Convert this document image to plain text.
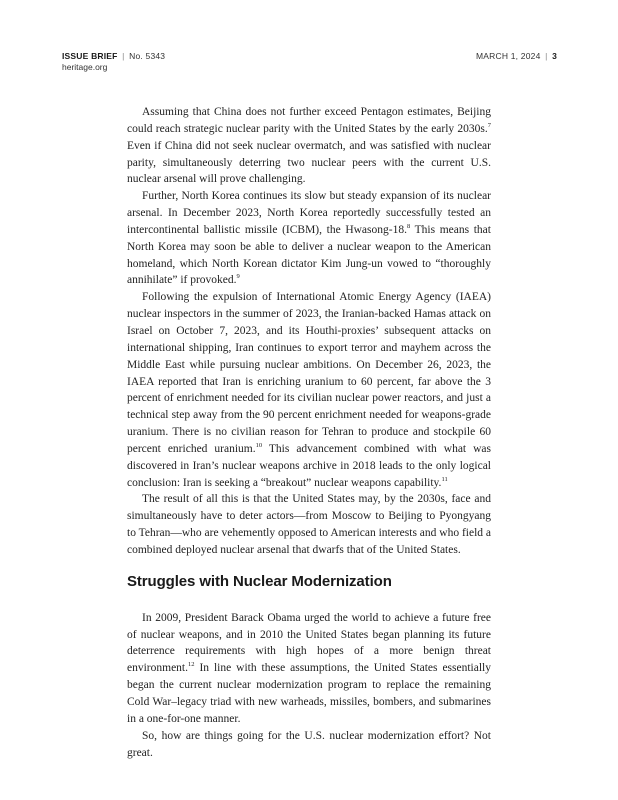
ISSUE BRIEF | No. 5343
heritage.org
MARCH 1, 2024 | 3

Assuming that China does not further exceed Pentagon estimates, Beijing could reach strategic nuclear parity with the United States by the early 2030s.$^7$ Even if China did not seek nuclear overmatch, and was satisfied with nuclear parity, simultaneously deterring two nuclear peers with the current U.S. nuclear arsenal will prove challenging.

Further, North Korea continues its slow but steady expansion of its nuclear arsenal. In December 2023, North Korea reportedly successfully tested an intercontinental ballistic missile (ICBM), the Hwasong-18.$^8$ This means that North Korea may soon be able to deliver a nuclear weapon to the American homeland, which North Korean dictator Kim Jung-un vowed to “thoroughly annihilate” if provoked.$^9$

Following the expulsion of International Atomic Energy Agency (IAEA) nuclear inspectors in the summer of 2023, the Iranian-backed Hamas attack on Israel on October 7, 2023, and its Houthi-proxies’ subsequent attacks on international shipping, Iran continues to export terror and mayhem across the Middle East while pursuing nuclear ambitions. On December 26, 2023, the IAEA reported that Iran is enriching uranium to 60 percent, far above the 3 percent of enrichment needed for its civilian nuclear power reactors, and just a technical step away from the 90 percent enrichment needed for weapons-grade uranium. There is no civilian reason for Tehran to produce and stockpile 60 percent enriched uranium.$^{10}$ This advancement combined with what was discovered in Iran’s nuclear weapons archive in 2018 leads to the only logical conclusion: Iran is seeking a “breakout” nuclear weapons capability.$^{11}$

The result of all this is that the United States may, by the 2030s, face and simultaneously have to deter actors—from Moscow to Beijing to Pyongyang to Tehran—who are vehemently opposed to American interests and who field a combined deployed nuclear arsenal that dwarfs that of the United States.

Struggles with Nuclear Modernization

In 2009, President Barack Obama urged the world to achieve a future free of nuclear weapons, and in 2010 the United States began planning its future deterrence requirements with high hopes of a more benign threat environment.$^{12}$ In line with these assumptions, the United States essentially began the current nuclear modernization program to replace the remaining Cold War–legacy triad with new warheads, missiles, bombers, and submarines in a one-for-one manner.

So, how are things going for the U.S. nuclear modernization effort? Not great.
